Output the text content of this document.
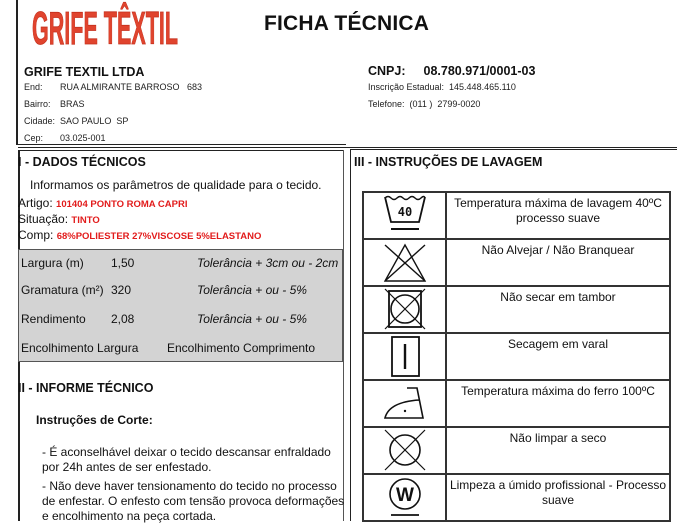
GRIFE TÊXTIL	FICHA TÉCNICA
GRIFE TEXTIL LTDA
End: RUA ALMIRANTE BARROSO   683
Bairro: BRAS
Cidade: SAO PAULO  SP
Cep: 03.025-001
CNPJ: 08.780.971/0001-03
Inscrição Estadual:  145.448.465.110
Telefone:  (011 )  2799-0020
I - DADOS TÉCNICOS
Informamos os parâmetros de qualidade para o tecido.
Artigo: 101404 PONTO ROMA CAPRI
Situação: TINTO
Comp: 68%POLIESTER 27%VISCOSE 5%ELASTANO
Largura (m) 1,50	Tolerância + 3cm ou - 2cm
Gramatura (m²) 320	Tolerância + ou - 5%
Rendimento 2,08	Tolerância + ou - 5%
Encolhimento Largura Encolhimento Comprimento
II - INFORME TÉCNICO
Instruções de Corte:
- É aconselhável deixar o tecido descansar enfraldado por 24h antes de ser enfestado.
- Não deve haver tensionamento do tecido no processo de enfestar. O enfesto com tensão provoca deformações e encolhimento na peça cortada.
III - INSTRUÇÕES DE LAVAGEM
40	Temperatura máxima de lavagem 40ºC processo suave

	Não Alvejar / Não Branquear

	Não secar em tambor

	Secagem em varal

	Temperatura máxima do ferro 100ºC

	Não limpar a seco

W	Limpeza a úmido profissional - Processo suave
